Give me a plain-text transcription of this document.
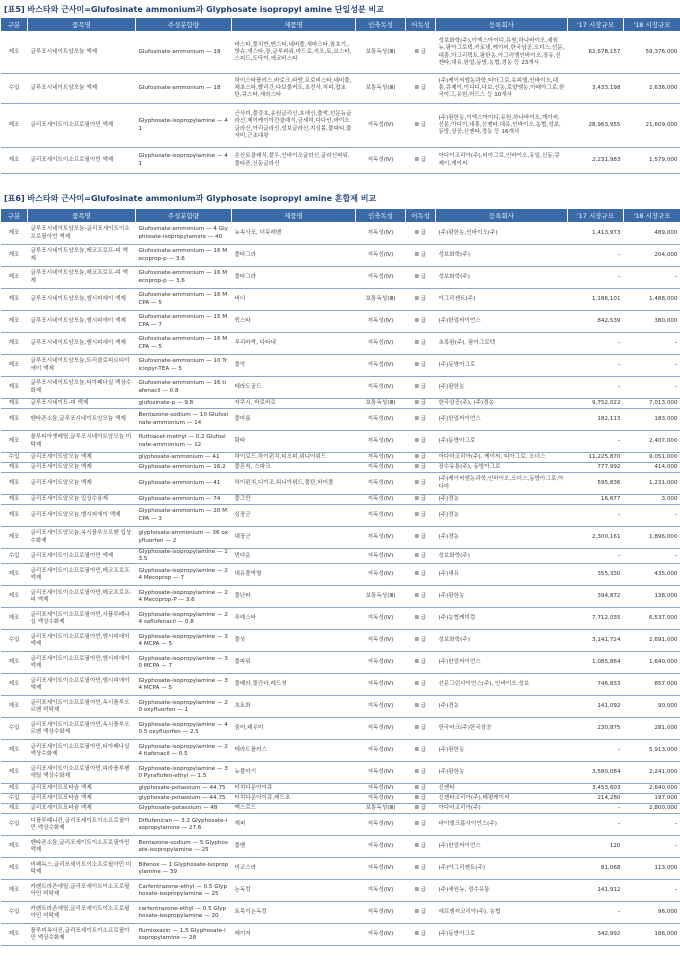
[표5] 바스타와 근사미=Glufosinate ammonium과 Glyphosate isopropyl amine 단일성분 비교
구분	품목명	주성분함량	제품명	인축독성	어독성	등록회사	'17 시장규모	'18 시장규모
제조	글루포시네이트암모늄 액제	Glufosinate-ammonium — 18	바스타,풀치반,맨스티,네버풀,새바스타,참초기,,밧슈,새스타,장,글루파워,마드로,지오,토,보스타,스피드,도닥이,에코바스타	보통독성(Ⅲ)	Ⅲ 급	성보화학(주),이엑스아이디,유원,하나바이오,세원뉴,팜아그로텍,키토넷,케이씨,한국삼공,오더스,선문,대흥,아그리텍트,팜한농,아그리엠인바이오,장유,신젠타,대유,한얼,동방,농협,경농 등 23개사	62,678,157	59,376,000
수입	글루포시네이트암모늄 액제	Glufosinate-ammonium — 18	하이스타플러스,바로크,타랑,프로비스타,네비풀,제초스타,빨리간,다보풀커트,초전서,지피,잡초탄,큐스타,세라스타	보통독성(Ⅲ)	Ⅲ 급	(주)케이씨엠농과학,티아그로,유피엘,인바이오,대흥,큐제이,이디디,다보,신농,로얄엠농,아래아그로,한국아그,유원,어드스 등 10개사	3,433,198	2,636,000
제조	글리포세이트이소프로필아민 액제	Glyphosate-isopropylamine — 41	근사미,풀강초,유원글리신,초애신,풀싹,선문뉴글라신,제이케이아간클래식,금세미,다다인,바이오글라신,아리글라신,성보글라신,지싱몸,풀파티,풀자비,근초대왕	저독성(Ⅳ)	Ⅲ 급	(주)팜한농,이엑스아이디,유원,하나바이오,게이씨,선문,아디이,대흥,신젠타,대유,인바이오,농협,성보,동방,상공,신젠타,경농 등 16개사	28,963,955	21,609,000
제조	글리포세이트이소프로필아민 액제	Glyphosate-isopropylamine — 41	온산토클래식,풀우,인바이오글라신,글라신파워,풀타존,신동글라신	저독성(Ⅳ)	Ⅲ 급	아다이코리아(주),티아그로,인바이오,유일,신동,큐제이,게이씨	2,231,983	1,579,000
[표6] 바스타와 근사미=Glufosinate ammonium과 Glyphosate isopropyl amine 혼합제 비교
구분	품목명	주성분함량	제품명	인축독성	어독성	등록회사	'17 시장규모	'18 시장규모
제조	글루포시네이트암모늄-글리포세이트이소프로필아민 액제	Glufosinate-ammonium — 4 Glyphosate-isopropylamine — 40	뉴속사포, 더뮤레벤	저독성(Ⅳ)	Ⅲ 급	(주)팜한농,인바이오(주)	1,413,973	489,000
제조	글루포시네이트암모늄,메코프로프-피 액제	Glufosinate-ammonium — 16 Mecoprop-p — 3.6	풀타그라	저독성(Ⅳ)	Ⅲ 급	성보화학(주)	–	204,000
제조	글루포시네이트암모늄,메코프로프-피 액제	Glufosinate-ammonium — 16 Mecoprop-p — 3.6	풀타그라	저독성(Ⅳ)	Ⅲ 급	성보화학(주)	–	–
제조	글루포시네이트암모늄,엠시피에이 액제	Glufosinate-ammonium — 16 MCPA — 5	버너	보통독성(Ⅲ)	Ⅲ 급	아그리젠트(주)	1,186,101	1,488,000
제조	글루포시네이트암모늄,엠시피에이 액제	Glufosinate-ammonium — 15 MCPA — 7	퀵스타	저독성(Ⅳ)	Ⅲ 급	(주)한얼싸이언스	842,539	380,000
제조	글루포시네이트암모늄,엠시피에이 액제	Glufosinate-ammonium — 16 MCPA — 5	푸리바싹, 다타네	저독성(Ⅳ)	Ⅲ 급	초록팜(주), 팜아그로텍	–	–
제조	글루포시네이트암모늄,트리클로피르티이에이 액제	Glufosinate-ammonium — 10 Triclopyr-TEA — 5	풀악	저독성(Ⅳ)	Ⅲ 급	(주)동방아그로	–	–
제조	글루포시네이트암모늄,티아페나실 액상수화제	Glufosinate-ammonium — 16 tiafenacil — 0.8	테라도골드	저독성(Ⅳ)	Ⅲ 급	(주)팜한농	–	–
제조	글루포시네이트-피 액제	glufosinate-p — 9.8	자쿠시, 바로바로	보통독성(Ⅲ)	Ⅲ 급	한국삼공(주), (주)경농	9,752,022	7,013,000
제조	벤타존소듐,글루포시네이트암모늄 액제	Bentazone-sodium — 10 Glufosinate-ammonium — 14	풀마름	저독성(Ⅳ)	Ⅲ 급	(주)한얼싸이언스	182,113	183,000
제조	플루티아셋메틸,글루포시네이트암모늄 미탁제	fluthiacet-methyl — 0.2 Glufosinate-ammonium — 12	확타	저독성(Ⅳ)	Ⅲ 급	(주)동방아그로	–	2,407,000
수입	글리포세이트암모늄 액제	glyphosate-ammonium — 41	하이로드,하이펀치,티오피,위니아위드	저독성(Ⅳ)	Ⅲ 급	아다마코리아(주), 케이씨, 티아그로, 오더스	11,225,870	9,051,000
제조	글리포세이트암모늄 액제	Glyphosate-ammonium — 16.2	풀몬칙, 스파크	저독성(Ⅳ)	Ⅲ 급	장수유통(주), 동방아그로	777,992	414,000
제조	글리포세이트암모늄 액제	Glyphosate-ammonium — 41	하이펀치,디이조,위니아위드,풀탄,바이풀	저독성(Ⅳ)	Ⅲ 급	(주)케이씨엠농과학,인바이오,오더스,동방아그로,아다마	595,836	1,231,000
제조	글리포세이트암모늄 입상수용제	Glyphosate-ammonium — 74	풀그만	저독성(Ⅳ)	Ⅲ 급	(주)경농	16,677	3,000
제조	글리포세이트암모늄,엠시피에이 액제	Glyphosate-ammonium — 20 MCPA — 3	싱장군	저독성(Ⅳ)	Ⅲ 급	(주)경농	–	–
제조	글리포세이트암모늄,옥시플루오르펜 입상수화제	glyphosate-ammonium — 36 oxyfluorfen — 2	대장군	저독성(Ⅳ)	Ⅲ 급	(주)경농	2,300,161	1,896,000
수입	글리포세이트이소프로필아민 액제	Glyphosate-isopropylamine — 13.5	번다운	저독성(Ⅳ)	Ⅲ 급	성보화학(주)	–	–
제조	글리포세이트이소프로필아민,메코프로프 액제	Glyphosate-isopropylamine — 24 Mecoprop — 7	대유풀박멸	저독성(Ⅳ)	Ⅲ 급	(주)대유	355,330	435,000
제조	글리포세이트이소프로필아민,메코프로프-피 액제	Glyphosate-isopropylamine — 24 Mecoprop-P — 3.6	풀난타	보통독성(Ⅲ)	Ⅲ 급	(주)팜한농	394,872	138,000
제조	글리포세이트이소프로필아민,사플루페나실 액상수화제	Glyphosate-isopropylamine — 24 saflufenacil — 0.8	푸레스타	저독성(Ⅳ)	Ⅲ 급	(주)농협케미컬	7,712,035	6,537,000
수입	글리포세이트이소프로필아민,엠시피에이 액제	Glyphosate-isopropylamine — 34 MCPA — 5	풀삿	저독성(Ⅳ)	Ⅲ 급	성보화학(주)	3,141,724	2,691,000
제조	글리포세이트이소프로필아민,엠시피에이 액제	Glyphosate-isopropylamine — 30 MCPA — 7	풀파워	저독성(Ⅳ)	Ⅲ 급	(주)한얼싸이언스	1,085,864	1,640,000
제조	글리포세이트이소프로필아민,엠시피에이 액제	Glyphosate-isopropylamine — 34 MCPA — 5	풀베라,풀간다,레드셧	저독성(Ⅳ)	Ⅲ 급	선문그린사이언스(주), 인바이오,성보	746,833	857,000
제조	글리포세이트이소프로필아민,옥시플루오르펜 미탁제	Glyphosate-isopropylamine — 20 oxyfluorfen — 1	초토화	저독성(Ⅳ)	Ⅲ 급	(주)경농	141,092	90,000
수입	글리포세이트이소프로필아민,옥시플루오르펜 액상수화제	Glyphosate-isopropylamine — 40.5 oxyfluorfen — 2.5	줌어,태우미	저독성(Ⅳ)	Ⅲ 급	한국마크(주)한국삼공	230,875	281,000
제조	글리포세이트이소프로필아민,티아페나실 액상수화제	Glyphosate-isopropylamine — 24 tiafenacil — 0.5	테라도플러스	저독성(Ⅳ)	Ⅲ 급	(주)팜한농	–	5,913,000
제조	글리포세이트이소프로필아민,피라플루펜에틸 액상수화제	Glyphosate-isopropylamine — 30 Pyraflufen-ethyl — 1.5	뉴풀마기	저독성(Ⅳ)	Ⅲ 급	(주)팜한농	3,580,084	2,241,000
제조	글리포세이트포타슘 액제	glyphosate-potassium — 44.75	터치다운아이큐	저독성(Ⅳ)	Ⅲ 급	신젠타	3,453,603	2,640,000
수입	글리포세이트포타슘 액제	glyphosate-potassium — 44.75	터치다운아이큐,레드초	저독성(Ⅳ)	Ⅲ 급	신젠타코리아(주),태평케이씨	214,280	197,000
제조	글리포세이트포타슘 액제	Glyphosate-potassium — 48	맥스로드	보통독성(Ⅲ)	Ⅲ 급	아다마코리아(주)	–	2,800,000
수입	디플루페니칸,글리포세이트이소프로필아민 액상수화제	Diflufenican — 3.2 Glyphosate-isopropylamine — 27.6	재퍼	저독성(Ⅳ)	Ⅲ 급	바이엘크롭사이언스(주)	–	–
제조	벤타존소듐,글리포세이트이소프로필아민 액제	Bentazone-sodium — 5 Glyphosate-isopropylamine — 25	풀벤	저독성(Ⅳ)	Ⅲ 급	(주)한얼싸이언스	120	–
제조	비페녹스,글리포세이트이소프로필아민 미탁제	Bifenox — 1 Glyphosate-isopropylamine — 39	미코스라	저독성(Ⅳ)	Ⅲ 급	(주)아그리젠트(주)	81,068	113,000
제조	카펜트라존에틸,글리포세이트이소프로필아민 미탁제	Carfentrazone-ethyl — 0.5 Glyphosate-isopropylamine — 25	논독킹	저독성(Ⅳ)	Ⅲ 급	(주)세원뉴, 정수유통	141,912	–
수입	카펜트라존에틸,글리포세이트이소프로필아민 미탁제	carfentrazone-ethyl — 0.5 Glyphosate-isopropylamine — 20	토목이논독킹	저독성(Ⅳ)	Ⅲ 급	에프엠씨코리아(주), 농협	–	96,000
제조	플루미옥사진,글리포세이트이소프로필아민 액상수화제	flumioxazin — 1.5 Glyphosate-isopropylamine — 28	레이저	저독성(Ⅳ)	Ⅲ 급	(주)동방아그로	342,992	186,000
